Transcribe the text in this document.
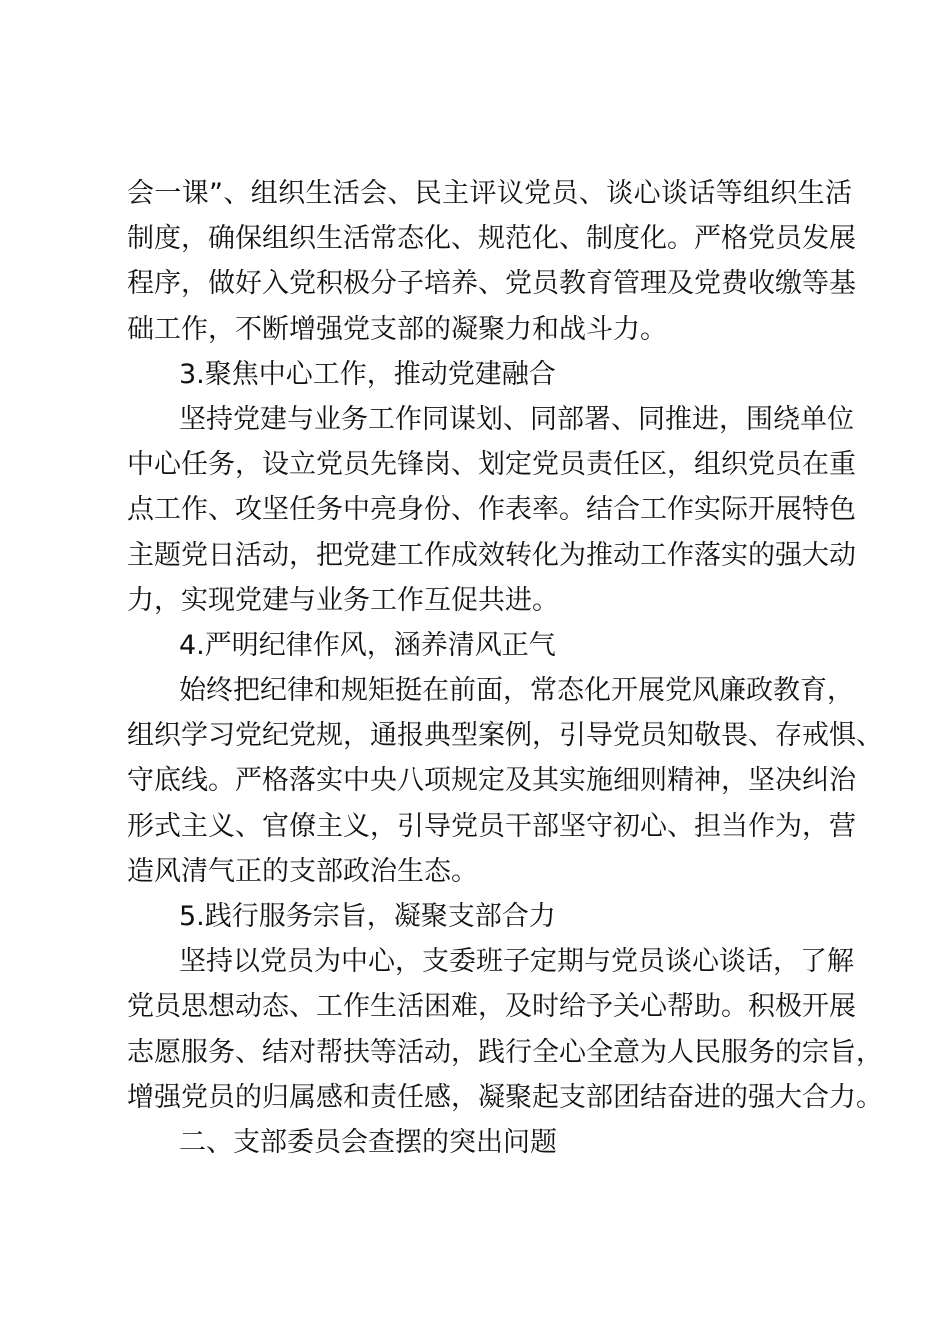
会一课”、组织生活会、民主评议党员、谈心谈话等组织生活
制度，确保组织生活常态化、规范化、制度化。严格党员发展
程序，做好入党积极分子培养、党员教育管理及党费收缴等基
础工作，不断增强党支部的凝聚力和战斗力。
3.聚焦中心工作，推动党建融合
坚持党建与业务工作同谋划、同部署、同推进，围绕单位
中心任务，设立党员先锋岗、划定党员责任区，组织党员在重
点工作、攻坚任务中亮身份、作表率。结合工作实际开展特色
主题党日活动，把党建工作成效转化为推动工作落实的强大动
力，实现党建与业务工作互促共进。
4.严明纪律作风，涵养清风正气
始终把纪律和规矩挺在前面，常态化开展党风廉政教育，
组织学习党纪党规，通报典型案例，引导党员知敬畏、存戒惧、
守底线。严格落实中央八项规定及其实施细则精神，坚决纠治
形式主义、官僚主义，引导党员干部坚守初心、担当作为，营
造风清气正的支部政治生态。
5.践行服务宗旨，凝聚支部合力
坚持以党员为中心，支委班子定期与党员谈心谈话，了解
党员思想动态、工作生活困难，及时给予关心帮助。积极开展
志愿服务、结对帮扶等活动，践行全心全意为人民服务的宗旨，
增强党员的归属感和责任感，凝聚起支部团结奋进的强大合力。
二、支部委员会查摆的突出问题
